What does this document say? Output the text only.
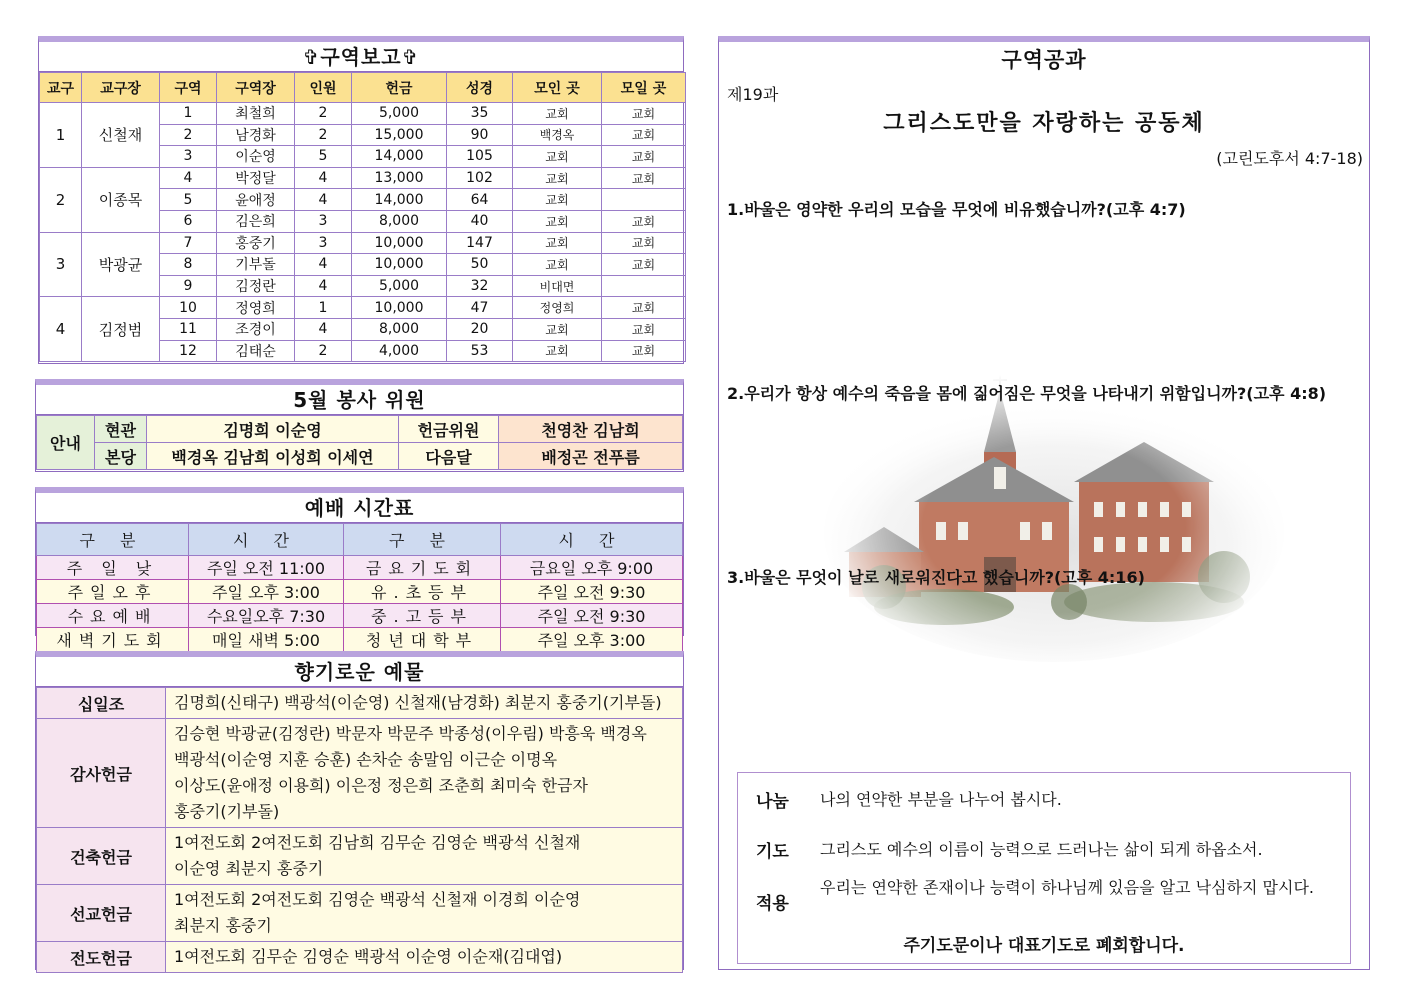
✞구역보고✞
교구	교구장	구역	구역장	인원	헌금	성경	모인 곳	모일 곳
1	신철재	1	최철희	2	5,000	35	교회	교회
		2	남경화	2	15,000	90	백경옥	교회
		3	이순영	5	14,000	105	교회	교회
2	이종목	4	박정달	4	13,000	102	교회	교회
		5	윤애정	4	14,000	64	교회	
		6	김은희	3	8,000	40	교회	교회
3	박광균	7	홍중기	3	10,000	147	교회	교회
		8	기부돌	4	10,000	50	교회	교회
		9	김정란	4	5,000	32	비대면	
4	김정범	10	정영희	1	10,000	47	정영희	교회
		11	조경이	4	8,000	20	교회	교회
		12	김태순	2	4,000	53	교회	교회
5월 봉사 위원
안내	현관	김명희 이순영	헌금위원	천영찬 김남희
	본당	백경옥 김남희 이성희 이세연	다음달	배정곤 전푸름
예배 시간표
구 분	시 간	구 분	시 간
주 일 낮	주일 오전 11:00	금요기도회	금요일 오후 9:00
주일오후	주일 오후 3:00	유.초등부	주일 오전 9:30
수요예배	수요일오후 7:30	중.고등부	주일 오전 9:30
새벽기도회	매일 새벽 5:00	청년대학부	주일 오후 3:00
향기로운 예물
십일조	김명희(신태구) 백광석(이순영) 신철재(남경화) 최분지 홍중기(기부돌)

감사헌금	김승현 박광균(김정란) 박문자 박문주 박종성(이우림) 박흥욱 백경옥
백광석(이순영 지훈 승훈) 손차순 송말임 이근순 이명옥
이상도(윤애정 이용희) 이은정 정은희 조춘희 최미숙 한금자
홍중기(기부돌)

건축헌금	1여전도회 2여전도회 김남희 김무순 김영순 백광석 신철재
이순영 최분지 홍중기

선교헌금	1여전도회 2여전도회 김영순 백광석 신철재 이경희 이순영
최분지 홍중기

전도헌금	1여전도회 김무순 김영순 백광석 이순영 이순재(김대엽)
구역공과
제19과
그리스도만을 자랑하는 공동체
(고린도후서 4:7-18)
1.바울은 영약한 우리의 모습을 무엇에 비유했습니까?(고후 4:7)
2.우리가 항상 예수의 죽음을 몸에 짊어짐은 무엇을 나타내기 위함입니까?(고후 4:8)
3.바울은 무엇이 날로 새로워진다고 했습니까?(고후 4:16)
나눔 나의 연약한 부분을 나누어 봅시다.
기도 그리스도 예수의 이름이 능력으로 드러나는 삶이 되게 하옵소서.
적용
우리는 연약한 존재이나 능력이 하나님께 있음을 알고 낙심하지 맙시다.
주기도문이나 대표기도로 폐회합니다.
